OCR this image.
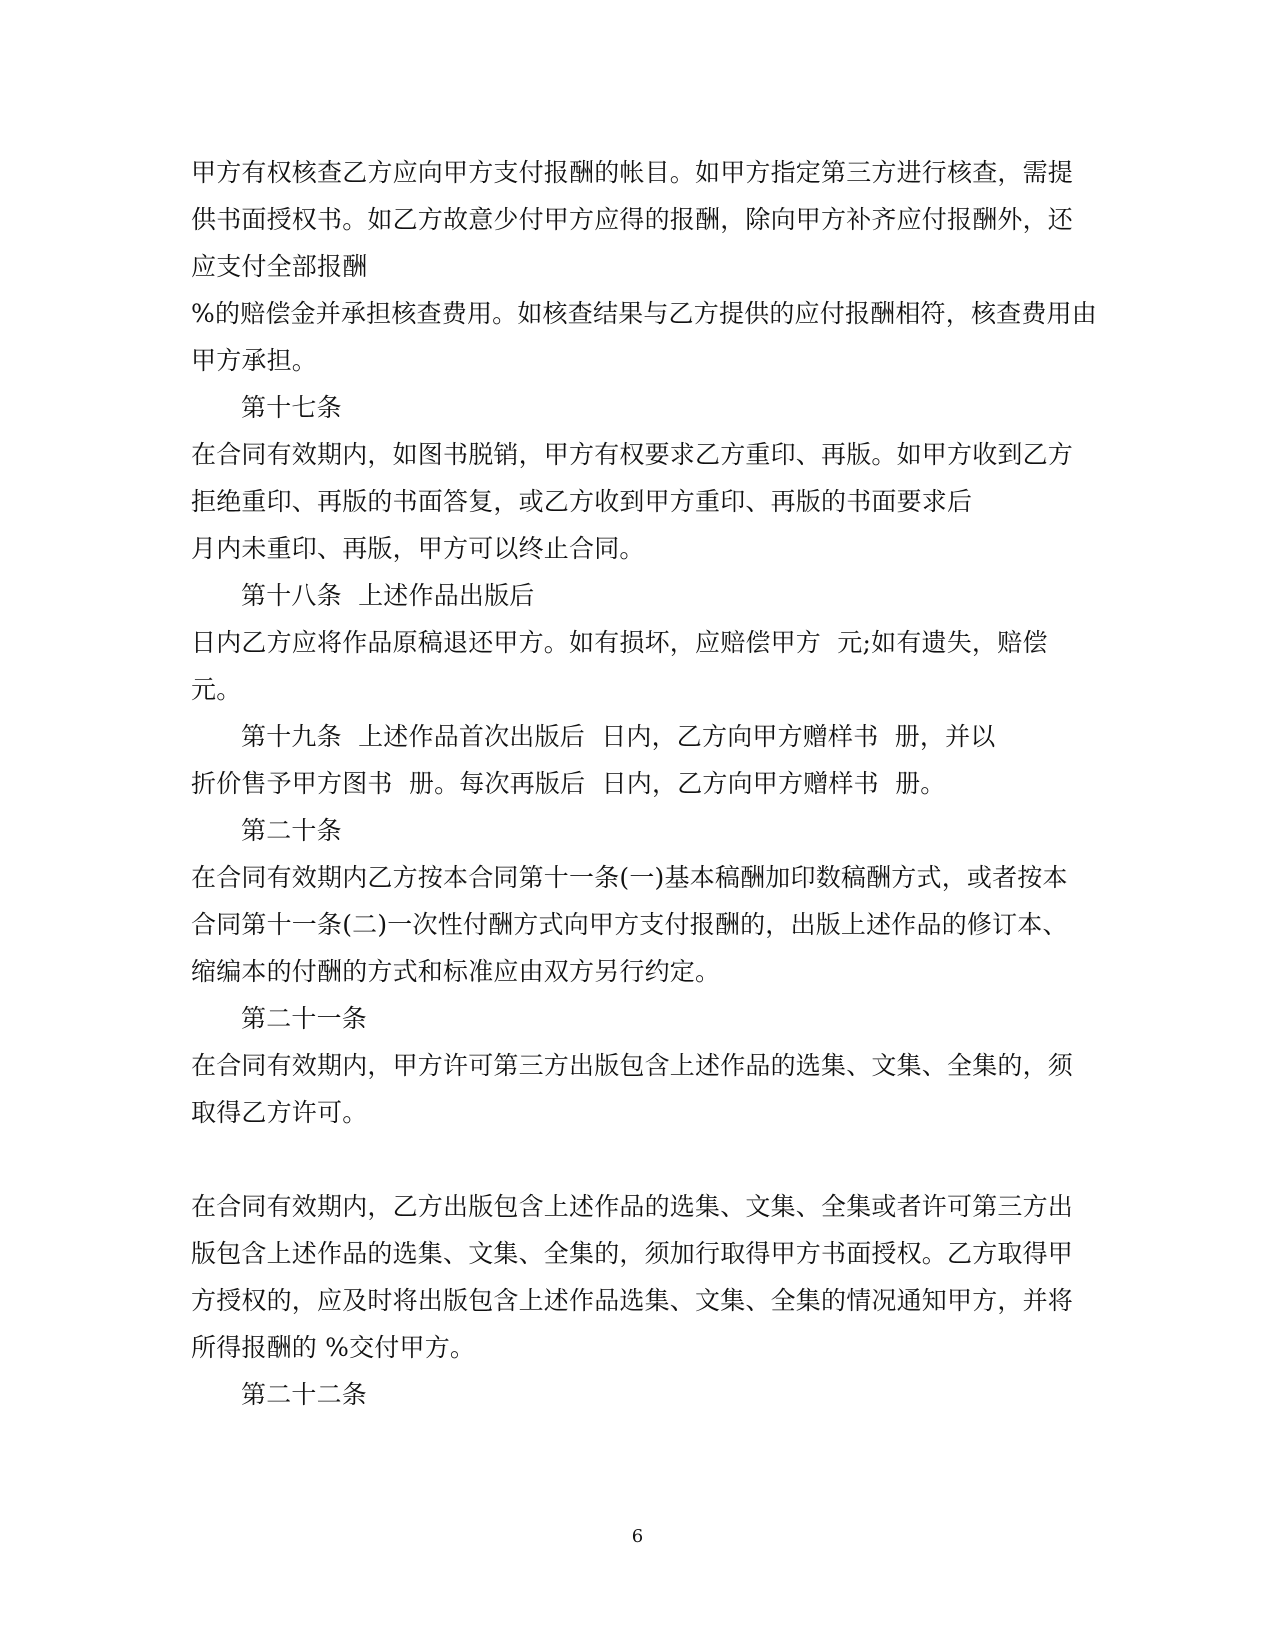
甲方有权核查乙方应向甲方支付报酬的帐目。如甲方指定第三方进行核查，需提
供书面授权书。如乙方故意少付甲方应得的报酬，除向甲方补齐应付报酬外，还
应支付全部报酬
%的赔偿金并承担核查费用。如核查结果与乙方提供的应付报酬相符，核查费用由
甲方承担。
第十七条
在合同有效期内，如图书脱销，甲方有权要求乙方重印、再版。如甲方收到乙方
拒绝重印、再版的书面答复，或乙方收到甲方重印、再版的书面要求后
月内未重印、再版，甲方可以终止合同。
第十八条  上述作品出版后
日内乙方应将作品原稿退还甲方。如有损坏，应赔偿甲方  元;如有遗失，赔偿
元。
第十九条  上述作品首次出版后  日内，乙方向甲方赠样书  册，并以
折价售予甲方图书  册。每次再版后  日内，乙方向甲方赠样书  册。
第二十条
在合同有效期内乙方按本合同第十一条(一)基本稿酬加印数稿酬方式，或者按本
合同第十一条(二)一次性付酬方式向甲方支付报酬的，出版上述作品的修订本、
缩编本的付酬的方式和标准应由双方另行约定。
第二十一条
在合同有效期内，甲方许可第三方出版包含上述作品的选集、文集、全集的，须
取得乙方许可。
在合同有效期内，乙方出版包含上述作品的选集、文集、全集或者许可第三方出
版包含上述作品的选集、文集、全集的，须加行取得甲方书面授权。乙方取得甲
方授权的，应及时将出版包含上述作品选集、文集、全集的情况通知甲方，并将
所得报酬的 %交付甲方。
第二十二条
6
